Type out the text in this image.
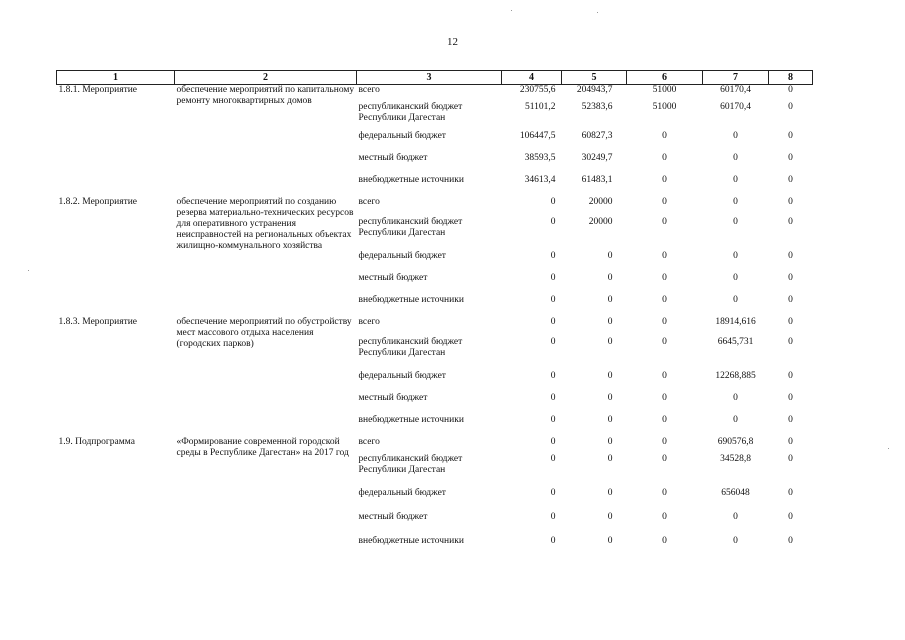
12
1	2	3	4	5	6	7	8
1.8.1. Мероприятие	обеспечение мероприятий по капитальному ремонту многоквартирных домов	всего	230755,6	204943,7	51000	60170,4	0
		республиканский бюджет Республики Дагестан	51101,2	52383,6	51000	60170,4	0
		федеральный бюджет	106447,5	60827,3	0	0	0
		местный бюджет	38593,5	30249,7	0	0	0
		внебюджетные источники	34613,4	61483,1	0	0	0
1.8.2. Мероприятие	обеспечение мероприятий по созданию резерва материально-технических ресурсов для оперативного устранения неисправностей на региональных объектах жилищно-коммунального хозяйства	всего	0	20000	0	0	0
		республиканский бюджет Республики Дагестан	0	20000	0	0	0
		федеральный бюджет	0	0	0	0	0
		местный бюджет	0	0	0	0	0
		внебюджетные источники	0	0	0	0	0
1.8.3. Мероприятие	обеспечение мероприятий по обустройству мест массового отдыха населения (городских парков)	всего	0	0	0	18914,616	0
		республиканский бюджет Республики Дагестан	0	0	0	6645,731	0
		федеральный бюджет	0	0	0	12268,885	0
		местный бюджет	0	0	0	0	0
		внебюджетные источники	0	0	0	0	0
1.9. Подпрограмма	«Формирование современной городской среды в Республике Дагестан» на 2017 год	всего	0	0	0	690576,8	0
		республиканский бюджет Республики Дагестан	0	0	0	34528,8	0
		федеральный бюджет	0	0	0	656048	0
		местный бюджет	0	0	0	0	0
		внебюджетные источники	0	0	0	0	0
